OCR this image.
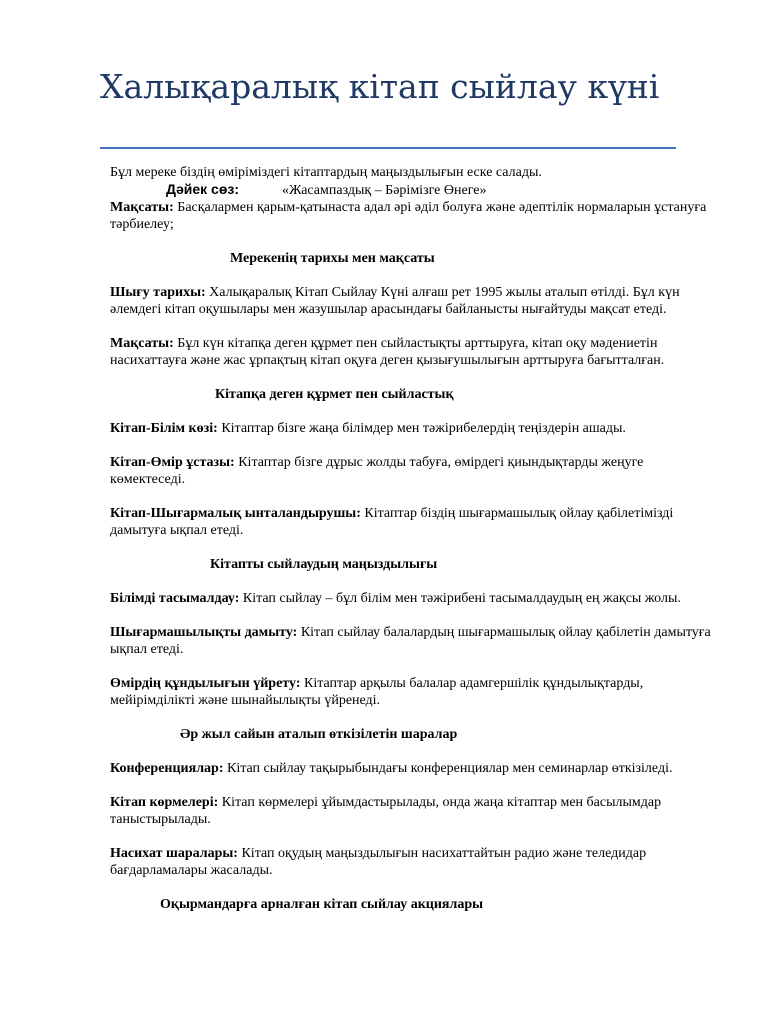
Халықаралық кітап сыйлау күні

Бұл мереке біздің өміріміздегі кітаптардың маңыздылығын еске салады.

Дәйек сөз:	«Жасампаздық – Бәрімізге Өнеге»

Мақсаты: Басқалармен қарым-қатынаста адал әрі әділ болуға және әдептілік нормаларын ұстануға тәрбиелеу;

Мерекенің тарихы мен мақсаты

Шығу тарихы: Халықаралық Кітап Сыйлау Күні алғаш рет 1995 жылы аталып өтілді. Бұл күн әлемдегі кітап оқушылары мен жазушылар арасындағы байланысты нығайтуды мақсат етеді.

Мақсаты: Бұл күн кітапқа деген құрмет пен сыйластықты арттыруға, кітап оқу мәдениетін насихаттауға және жас ұрпақтың кітап оқуға деген қызығушылығын арттыруға бағытталған.

Кітапқа деген құрмет пен сыйластық

Кітап-Білім көзі: Кітаптар бізге жаңа білімдер мен тәжірибелердің теңіздерін ашады.

Кітап-Өмір ұстазы: Кітаптар бізге дұрыс жолды табуға, өмірдегі қиындықтарды жеңуге көмектеседі.

Кітап-Шығармалық ынталандырушы: Кітаптар біздің шығармашылық ойлау қабілетімізді дамытуға ықпал етеді.

Кітапты сыйлаудың маңыздылығы

Білімді тасымалдау: Кітап сыйлау – бұл білім мен тәжірибені тасымалдаудың ең жақсы жолы.

Шығармашылықты дамыту: Кітап сыйлау балалардың шығармашылық ойлау қабілетін дамытуға ықпал етеді.

Өмірдің құндылығын үйрету: Кітаптар арқылы балалар адамгершілік құндылықтарды, мейірімділікті және шынайылықты үйренеді.

Әр жыл сайын аталып өткізілетін шаралар

Конференциялар: Кітап сыйлау тақырыбындағы конференциялар мен семинарлар өткізіледі.

Кітап көрмелері: Кітап көрмелері ұйымдастырылады, онда жаңа кітаптар мен басылымдар таныстырылады.

Насихат шаралары: Кітап оқудың маңыздылығын насихаттайтын радио және теледидар бағдарламалары жасалады.

Оқырмандарға арналған кітап сыйлау акциялары
